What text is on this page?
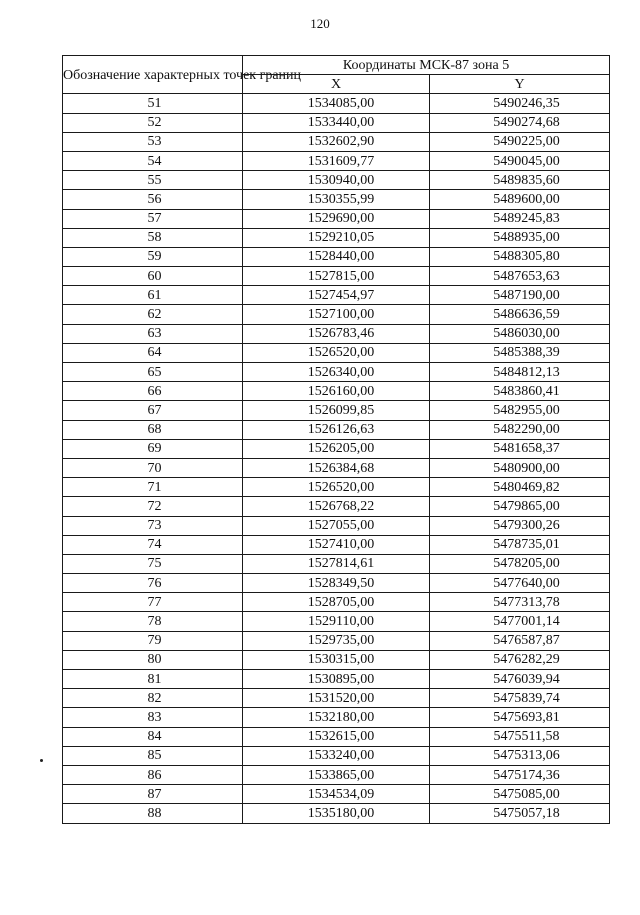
120
Обозначение характерных точек границ	Координаты МСК-87 зона 5	
	X	Y
51	1534085,00	5490246,35
52	1533440,00	5490274,68
53	1532602,90	5490225,00
54	1531609,77	5490045,00
55	1530940,00	5489835,60
56	1530355,99	5489600,00
57	1529690,00	5489245,83
58	1529210,05	5488935,00
59	1528440,00	5488305,80
60	1527815,00	5487653,63
61	1527454,97	5487190,00
62	1527100,00	5486636,59
63	1526783,46	5486030,00
64	1526520,00	5485388,39
65	1526340,00	5484812,13
66	1526160,00	5483860,41
67	1526099,85	5482955,00
68	1526126,63	5482290,00
69	1526205,00	5481658,37
70	1526384,68	5480900,00
71	1526520,00	5480469,82
72	1526768,22	5479865,00
73	1527055,00	5479300,26
74	1527410,00	5478735,01
75	1527814,61	5478205,00
76	1528349,50	5477640,00
77	1528705,00	5477313,78
78	1529110,00	5477001,14
79	1529735,00	5476587,87
80	1530315,00	5476282,29
81	1530895,00	5476039,94
82	1531520,00	5475839,74
83	1532180,00	5475693,81
84	1532615,00	5475511,58
85	1533240,00	5475313,06
86	1533865,00	5475174,36
87	1534534,09	5475085,00
88	1535180,00	5475057,18
